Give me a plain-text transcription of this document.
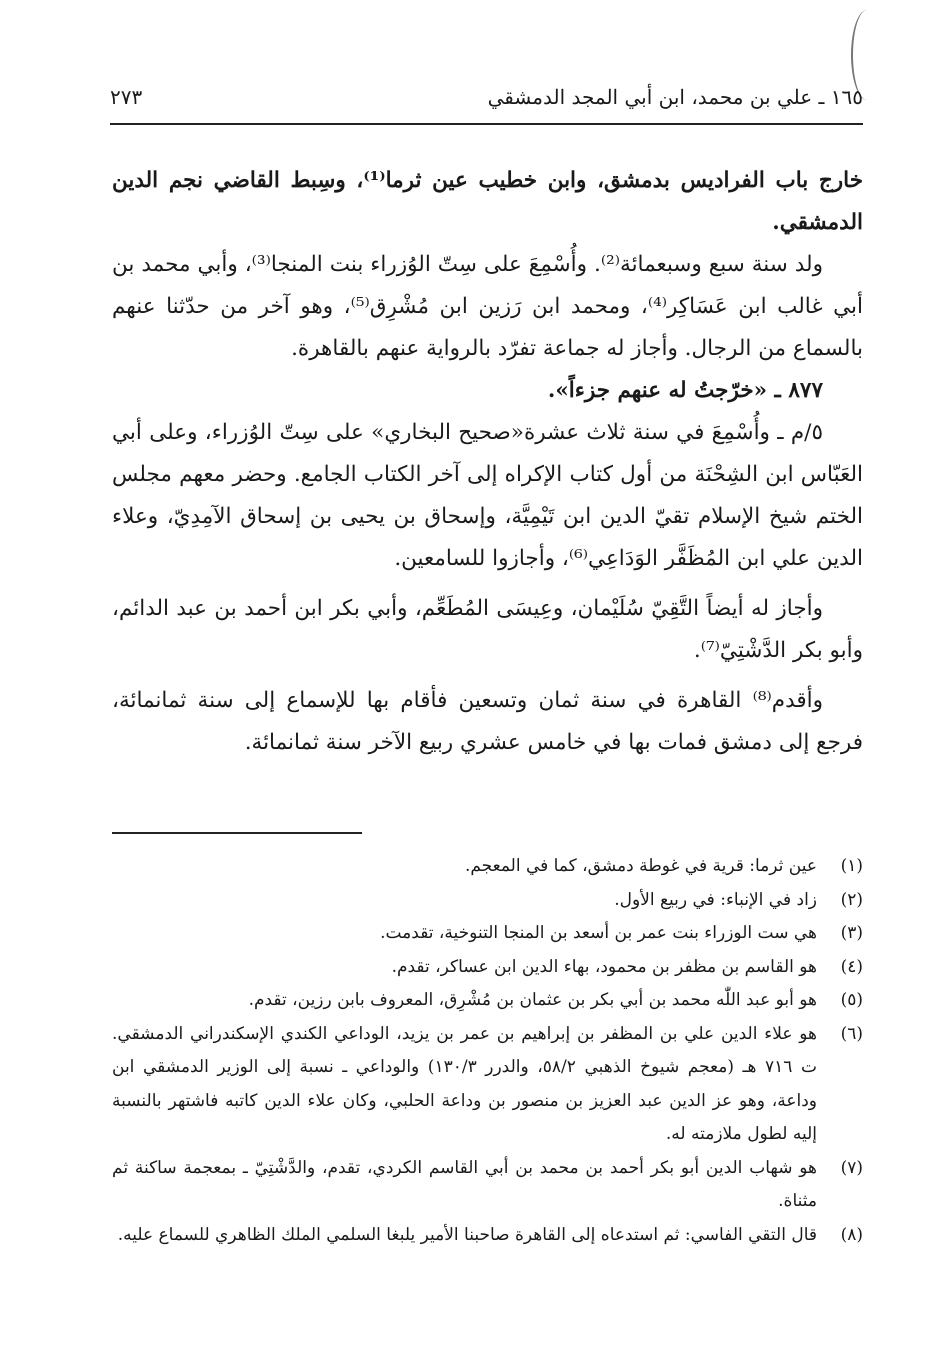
١٦٥ ـ علي بن محمد، ابن أبي المجد الدمشقي
٢٧٣

خارج باب الفراديس بدمشق، وابن خطيب عين ثرما⁽¹⁾، وسِبط القاضي نجم الدين الدمشقي.

ولد سنة سبع وسبعمائة⁽²⁾. وأُسْمِعَ على سِتّ الوُزراء بنت المنجا⁽³⁾، وأبي محمد بن أبي غالب ابن عَسَاكِر⁽⁴⁾، ومحمد ابن رَزين ابن مُشْرِق⁽⁵⁾، وهو آخر من حدّثنا عنهم بالسماع من الرجال. وأجاز له جماعة تفرّد بالرواية عنهم بالقاهرة.

٨٧٧ ـ «خرّجتُ له عنهم جزءاً».

٥/م ـ وأُسْمِعَ في سنة ثلاث عشرة«صحيح البخاري» على سِتّ الوُزراء، وعلى أبي العَبّاس ابن الشِحْنَة من أول كتاب الإكراه إلى آخر الكتاب الجامع. وحضر معهم مجلس الختم شيخ الإسلام تقيّ الدين ابن تَيْمِيَّة، وإسحاق بن يحيى بن إسحاق الآمِدِيّ، وعلاء الدين علي ابن المُظَفَّر الوَدَاعِي⁽⁶⁾، وأجازوا للسامعين.

وأجاز له أيضاً التَّقِيّ سُلَيْمان، وعِيسَى المُطَعِّم، وأبي بكر ابن أحمد بن عبد الدائم، وأبو بكر الدَّشْتِيّ⁽⁷⁾.

وأقدم⁽⁸⁾ القاهرة في سنة ثمان وتسعين فأقام بها للإسماع إلى سنة ثمانمائة، فرجع إلى دمشق فمات بها في خامس عشري ربيع الآخر سنة ثمانمائة.

(١)
عين ثرما: قرية في غوطة دمشق، كما في المعجم.
(٢)
زاد في الإنباء: في ربيع الأول.
(٣)
هي ست الوزراء بنت عمر بن أسعد بن المنجا التنوخية، تقدمت.
(٤)
هو القاسم بن مظفر بن محمود، بهاء الدين ابن عساكر، تقدم.
(٥)
هو أبو عبد اللّٰه محمد بن أبي بكر بن عثمان بن مُشْرِق، المعروف بابن رزين، تقدم.
(٦)
هو علاء الدين علي بن المظفر بن إبراهيم بن عمر بن يزيد، الوداعي الكندي الإسكندراني الدمشقي. ت ٧١٦ هـ (معجم شيوخ الذهبي ٥٨/٢، والدرر ١٣٠/٣) والوداعي ـ نسبة إلى الوزير الدمشقي ابن وداعة، وهو عز الدين عبد العزيز بن منصور بن وداعة الحلبي، وكان علاء الدين كاتبه فاشتهر بالنسبة إليه لطول ملازمته له.
(٧)
هو شهاب الدين أبو بكر أحمد بن محمد بن أبي القاسم الكردي، تقدم، والدَّشْتِيّ ـ بمعجمة ساكنة ثم مثناة.
(٨)
قال التقي الفاسي: ثم استدعاه إلى القاهرة صاحبنا الأمير يلبغا السلمي الملك الظاهري للسماع عليه.
